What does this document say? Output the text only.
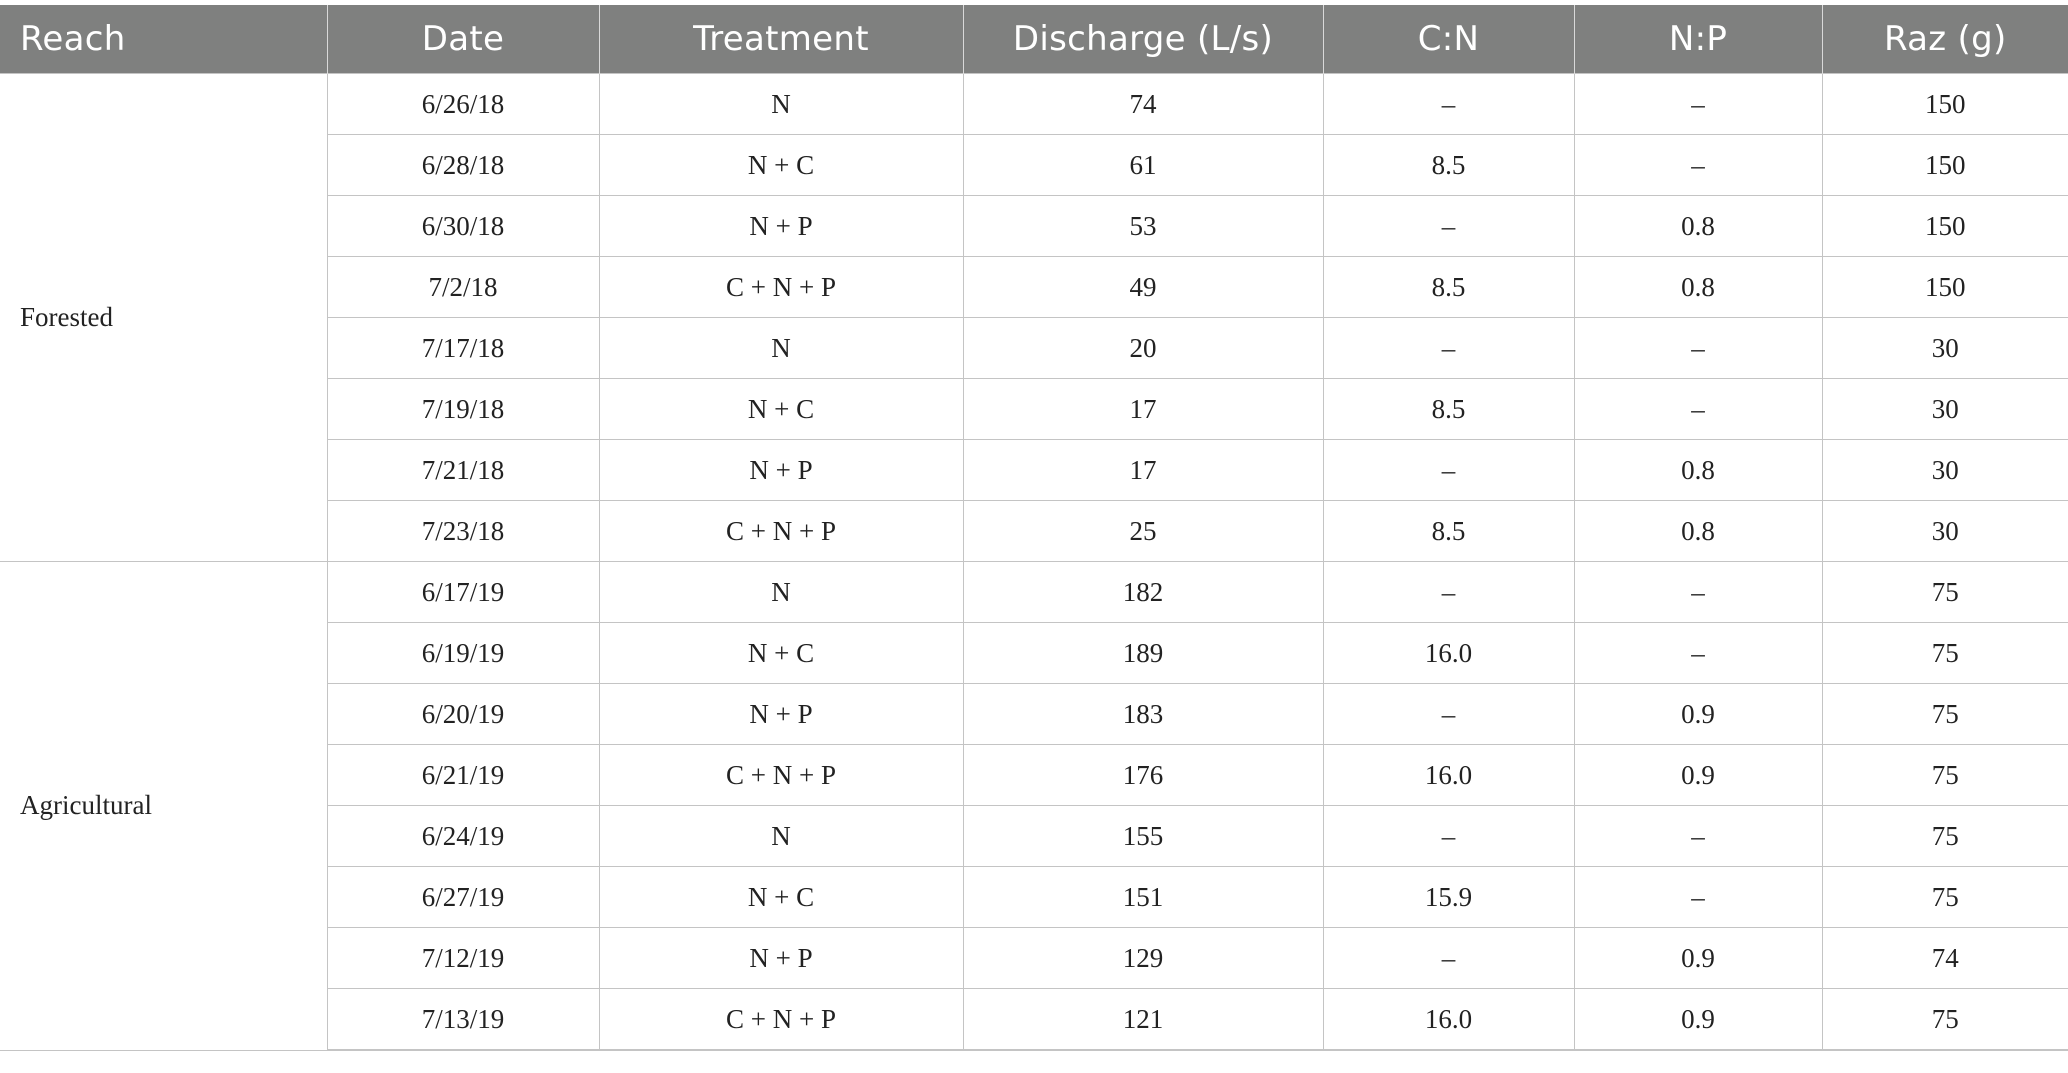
Reach	Date	Treatment	Discharge (L/s)	C:N	N:P	Raz (g)
Forested	6/26/18	N	74	–	–	150
	6/28/18	N + C	61	8.5	–	150
	6/30/18	N + P	53	–	0.8	150
	7/2/18	C + N + P	49	8.5	0.8	150
	7/17/18	N	20	–	–	30
	7/19/18	N + C	17	8.5	–	30
	7/21/18	N + P	17	–	0.8	30
	7/23/18	C + N + P	25	8.5	0.8	30
Agricultural	6/17/19	N	182	–	–	75
	6/19/19	N + C	189	16.0	–	75
	6/20/19	N + P	183	–	0.9	75
	6/21/19	C + N + P	176	16.0	0.9	75
	6/24/19	N	155	–	–	75
	6/27/19	N + C	151	15.9	–	75
	7/12/19	N + P	129	–	0.9	74
	7/13/19	C + N + P	121	16.0	0.9	75
